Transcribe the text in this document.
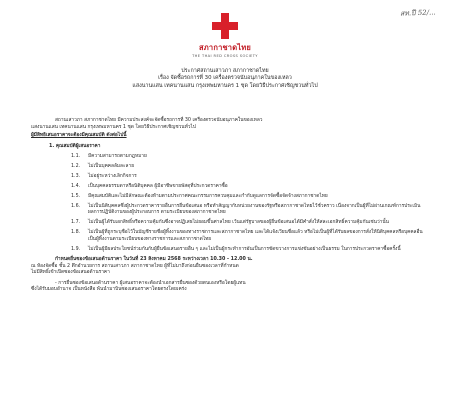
สท.ปี 52/...
สภากาชาดไทย
THE THAI RED CROSS SOCIETY
ประกาศสถานเสาวภา สภากาชาดไทย
เรื่อง จัดซื้อรถการที่ 30 เครื่องตรวจนับอนุภาคในของเหลว
แสงนานแสน เทคนานแสน กรุงเทพมหานคร 1 ชุด โดยวิธีประกาศเชิญชวนทั่วไป
สถานเสาวภา สภากาชาดไทย มีความประสงค์จะจัดซื้อรถการที่ 30 เครื่องตรวจนับอนุภาคในของเหลว
แสงนานแสน เทคนานแสน กรุงเทพมหานคร 1 ชุด โดยวิธีประกาศเชิญชวนทั่วไป
ผู้มีสิทธิเสนอราคาจะต้องมีคุณสมบัติ ดังต่อไปนี้
1. คุณสมบัติผู้เสนอราคา
1.1. มีความสามารถตามกฎหมาย
1.2. ไม่เป็นบุคคลล้มละลาย
1.3. ไม่อยู่ระหว่างเลิกกิจการ
1.4. เป็นบุคคลธรรมดาหรือนิติบุคคล ผู้มีอาชีพขายพัสดุที่ประกวดราคาซื้อ
1.5. มีคุณสมบัติและไม่มีลักษณะต้องห้ามตามประกาศคณะกรรมการควบคุมและกำกับดูแลการจัดซื้อจัดจ้างสภากาชาดไทย
1.6. ไม่เป็นนิติบุคคลซึ่งผู้ประกวดราคารายอื่นการยื่นข้อเสนอ หรือทำสัญญากับหน่วยงานของรัฐหรือสภากาชาดไทยไว้ชั่วคราว เนื่องจากเป็นผู้ที่ไม่ผ่านเกณฑ์การประเมินผลการปฏิบัติงานของผู้ประกอบการ ตามระเบียบของสภากาชาดไทย
1.7. ไม่เป็นผู้ได้รับเอกสิทธิ์หรือความคุ้มกันซึ่งอาจปฏิเสธไม่ยอมขึ้นศาลไทย เว้นแต่รัฐบาลของผู้ยื่นข้อเสนอได้มีคำสั่งให้สละเอกสิทธิ์ความคุ้มกันเช่นว่านั้น
1.8. ไม่เป็นผู้ที่ถูกระบุชื่อไว้ในบัญชีรายชื่อผู้ทิ้งงานของทางราชการและสภากาชาดไทย และได้แจ้งเวียนชื่อแล้ว หรือไม่เป็นผู้ที่ได้รับผลของการสั่งให้นิติบุคคลหรือบุคคลอื่นเป็นผู้ทิ้งงานตามระเบียบของทางราชการและสภากาชาดไทย
1.9. ไม่เป็นผู้มีผลประโยชน์ร่วมกันกับผู้ยื่นข้อเสนอรายอื่น ๆ และไม่เป็นผู้กระทำการอันเป็นการขัดขวางการแข่งขันอย่างเป็นธรรม ในการประกวดราคาซื้อครั้งนี้
กำหนดยื่นซองข้อเสนอด้านราคา ในวันที่ 23 สิงหาคม 2568 ระหว่างเวลา 10.30 - 12.00 น.
ณ ห้องจัดซื้อ ชั้น 2 ตึกอำนวยการ สถานเสาวภา สภากาชาดไทย ผู้ที่ไม่มาถึงก่อนยื่นซองเวลาที่กำหนด
ไม่มีสิทธิ์เข้าเปิดซองข้อเสนอด้านราคา
- การยื่นซองข้อเสนอด้านราคา ผู้เสนอราคาจะต้องนำเอกสารยื่นซองด้วยตนเองหรือโดยผู้แทน
ซึ่งได้รับมอบอำนาจ เป็นหนังสือ พ้นนำมาบินซองเสนอราคาโดยตรงโดยเคร่ง
